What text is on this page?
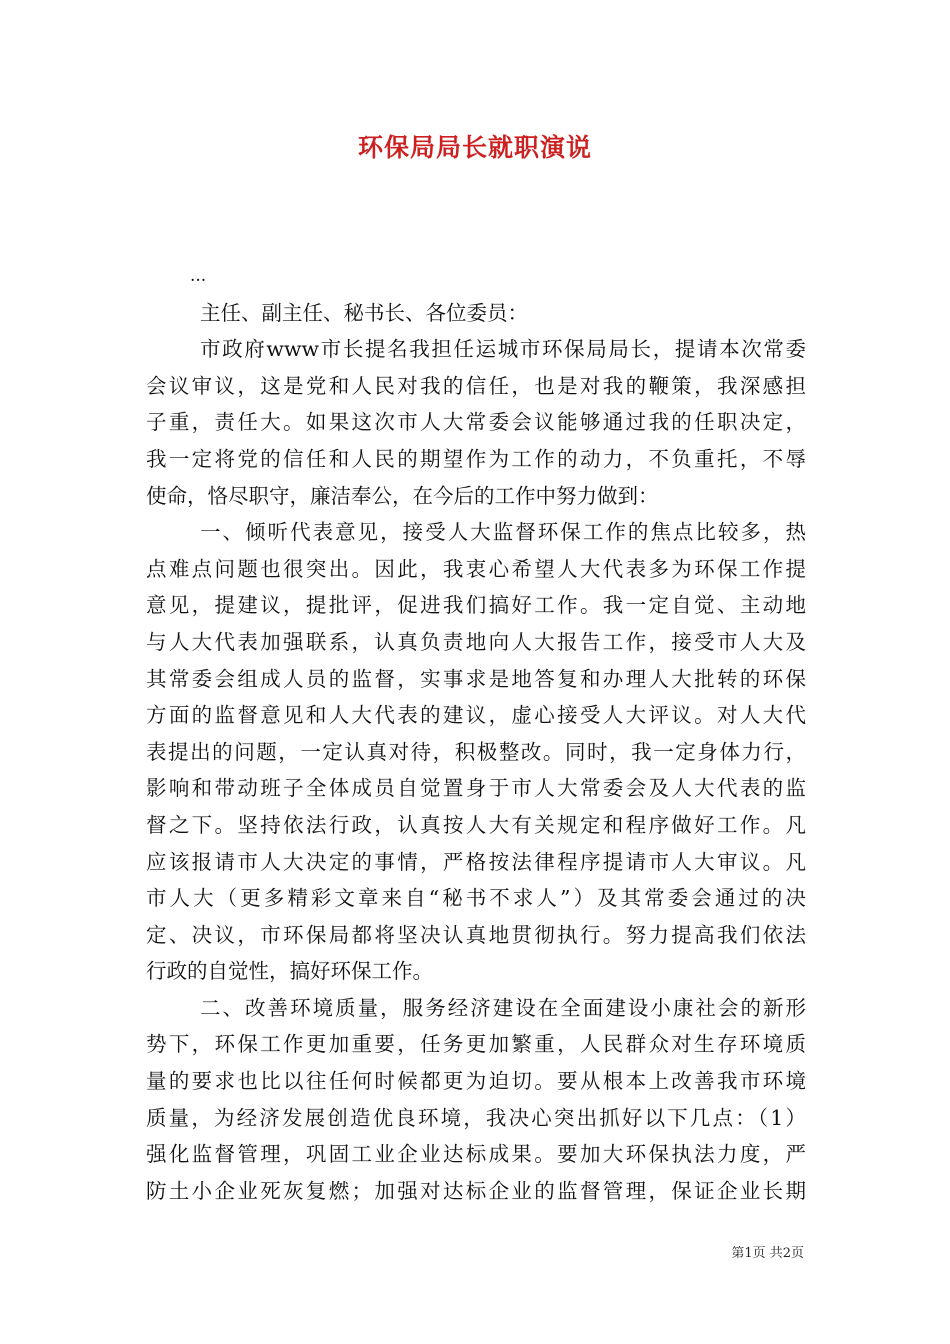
环保局局长就职演说
...
主任、副主任、秘书长、各位委员：
市政府www市长提名我担任运城市环保局局长，提请本次常委
会议审议，这是党和人民对我的信任，也是对我的鞭策，我深感担
子重，责任大。如果这次市人大常委会议能够通过我的任职决定，
我一定将党的信任和人民的期望作为工作的动力，不负重托，不辱
使命，恪尽职守，廉洁奉公，在今后的工作中努力做到：
一、倾听代表意见，接受人大监督环保工作的焦点比较多，热
点难点问题也很突出。因此，我衷心希望人大代表多为环保工作提
意见，提建议，提批评，促进我们搞好工作。我一定自觉、主动地
与人大代表加强联系，认真负责地向人大报告工作，接受市人大及
其常委会组成人员的监督，实事求是地答复和办理人大批转的环保
方面的监督意见和人大代表的建议，虚心接受人大评议。对人大代
表提出的问题，一定认真对待，积极整改。同时，我一定身体力行，
影响和带动班子全体成员自觉置身于市人大常委会及人大代表的监
督之下。坚持依法行政，认真按人大有关规定和程序做好工作。凡
应该报请市人大决定的事情，严格按法律程序提请市人大审议。凡
市人大（更多精彩文章来自“秘书不求人”）及其常委会通过的决
定、决议，市环保局都将坚决认真地贯彻执行。努力提高我们依法
行政的自觉性，搞好环保工作。
二、改善环境质量，服务经济建设在全面建设小康社会的新形
势下，环保工作更加重要，任务更加繁重，人民群众对生存环境质
量的要求也比以往任何时候都更为迫切。要从根本上改善我市环境
质量，为经济发展创造优良环境，我决心突出抓好以下几点：（1）
强化监督管理，巩固工业企业达标成果。要加大环保执法力度，严
防土小企业死灰复燃；加强对达标企业的监督管理，保证企业长期
第1页 共2页
